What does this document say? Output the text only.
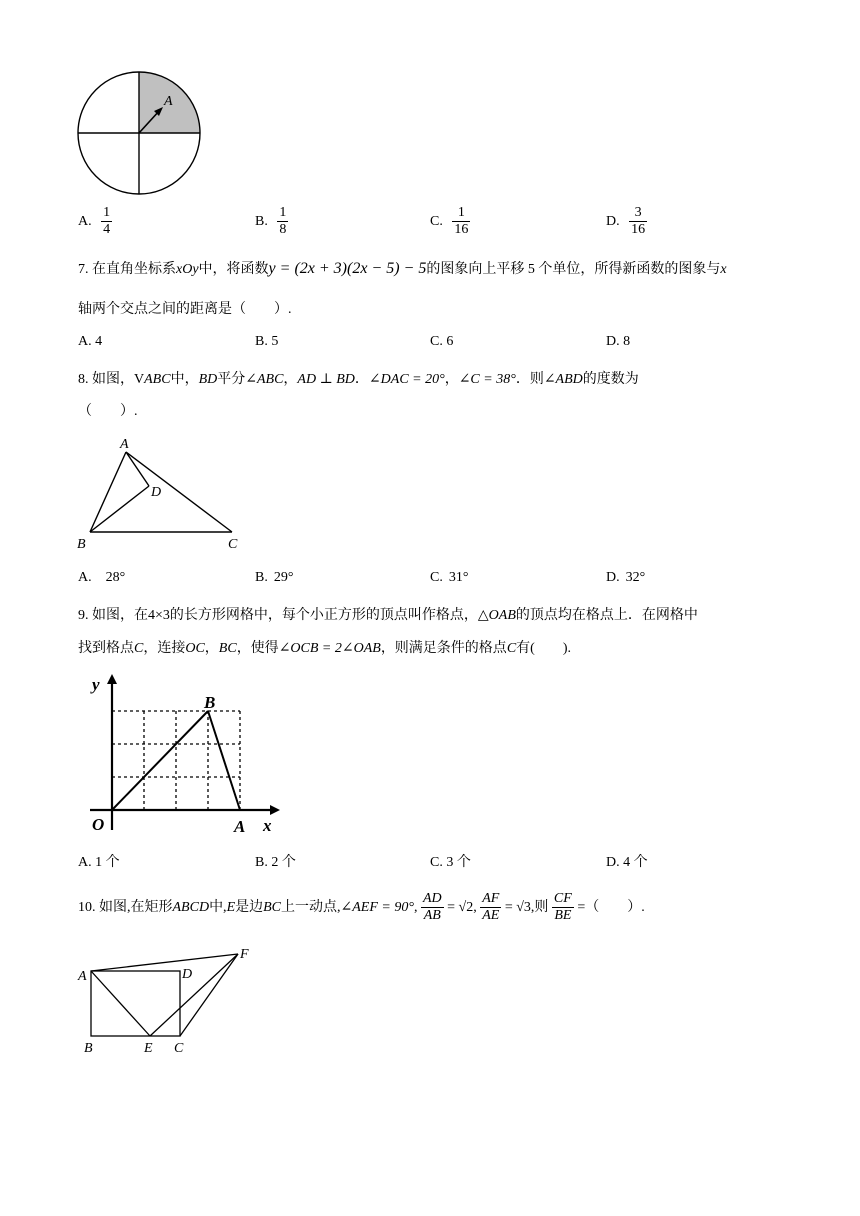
A
A. $\frac{1}{4}$	B. $\frac{1}{8}$	C. $\frac{1}{16}$	D. $\frac{3}{16}$
7. 在直角坐标系xOy中，将函数y = (2x + 3)(2x − 5) − 5的图象向上平移 5 个单位，所得新函数的图象与x
轴两个交点之间的距离是（　　）.
A. 4	B. 5	C. 6	D. 8
8. 如图，VABC中，BD平分∠ABC，AD ⊥ BD．∠DAC = 20°，∠C = 38°．则∠ABD的度数为
（　　）.
A
D
B	C
A. 28°	B. 29°	C. 31°	D. 32°
9. 如图，在4×3的长方形网格中，每个小正方形的顶点叫作格点，△OAB的顶点均在格点上．在网格中
找到格点C，连接OC，BC，使得∠OCB = 2∠OAB，则满足条件的格点C有(　　).
y
x
O	A
B
A. 1 个	B. 2 个	C. 3 个	D. 4 个
10. 如图,在矩形ABCD中,E是边BC上一动点,∠AEF = 90°, $\frac{AD}{AB} = √2$, $\frac{AF}{AE} = √3$,则 $\frac{CF}{BE}$ =（　　）.
A	D
F
B	E C
